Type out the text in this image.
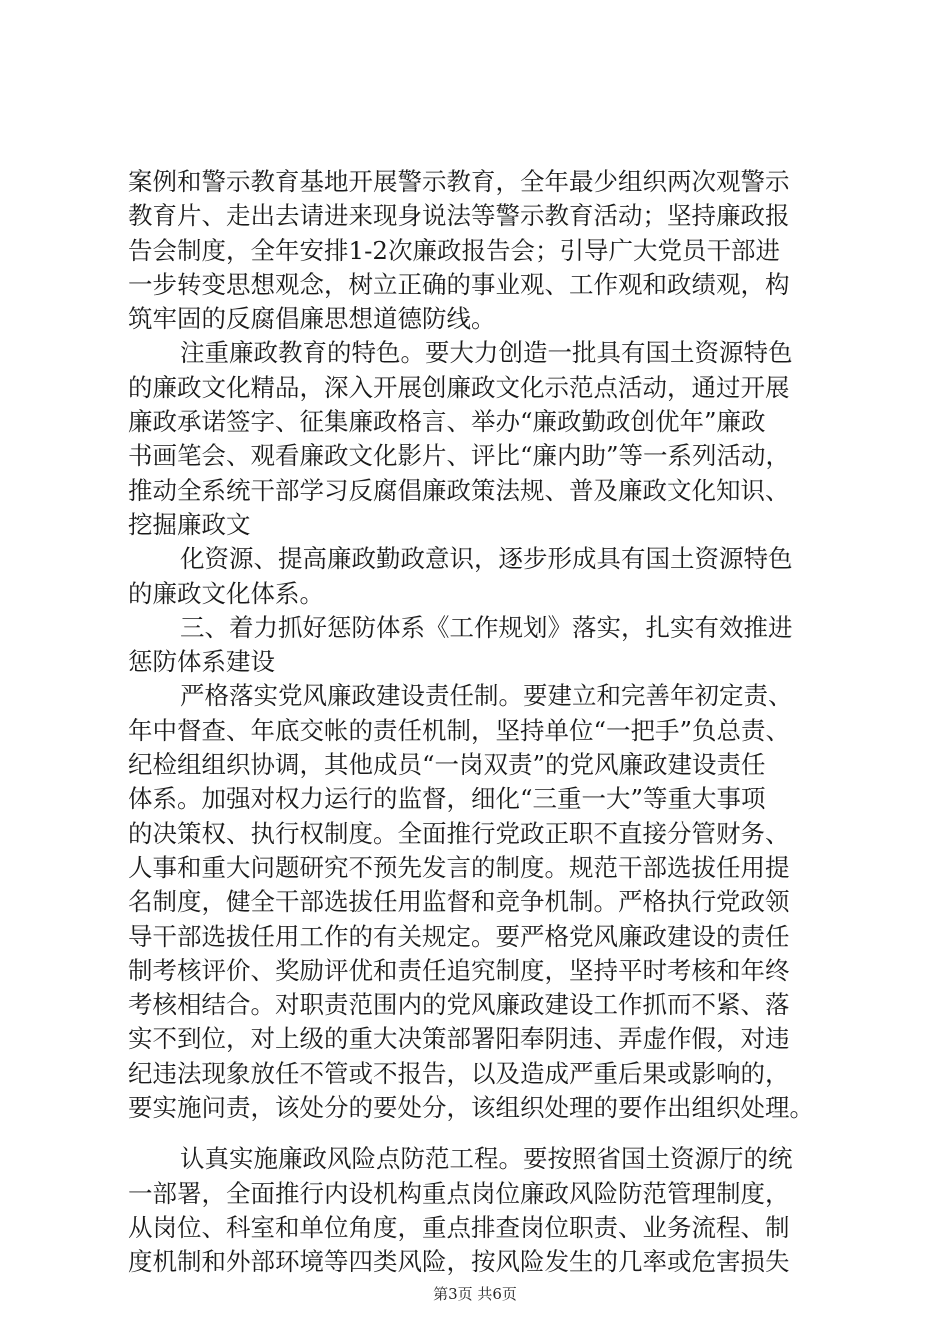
案例和警示教育基地开展警示教育，全年最少组织两次观警示
教育片、走出去请进来现身说法等警示教育活动；坚持廉政报
告会制度，全年安排1-2次廉政报告会；引导广大党员干部进
一步转变思想观念，树立正确的事业观、工作观和政绩观，构
筑牢固的反腐倡廉思想道德防线。
注重廉政教育的特色。要大力创造一批具有国土资源特色
的廉政文化精品，深入开展创廉政文化示范点活动，通过开展
廉政承诺签字、征集廉政格言、举办“廉政勤政创优年”廉政
书画笔会、观看廉政文化影片、评比“廉内助”等一系列活动，
推动全系统干部学习反腐倡廉政策法规、普及廉政文化知识、
挖掘廉政文
化资源、提高廉政勤政意识，逐步形成具有国土资源特色
的廉政文化体系。
三、着力抓好惩防体系《工作规划》落实，扎实有效推进
惩防体系建设
严格落实党风廉政建设责任制。要建立和完善年初定责、
年中督查、年底交帐的责任机制，坚持单位“一把手”负总责、
纪检组组织协调，其他成员“一岗双责”的党风廉政建设责任
体系。加强对权力运行的监督，细化“三重一大”等重大事项
的决策权、执行权制度。全面推行党政正职不直接分管财务、
人事和重大问题研究不预先发言的制度。规范干部选拔任用提
名制度，健全干部选拔任用监督和竞争机制。严格执行党政领
导干部选拔任用工作的有关规定。要严格党风廉政建设的责任
制考核评价、奖励评优和责任追究制度，坚持平时考核和年终
考核相结合。对职责范围内的党风廉政建设工作抓而不紧、落
实不到位，对上级的重大决策部署阳奉阴违、弄虚作假，对违
纪违法现象放任不管或不报告，以及造成严重后果或影响的，
要实施问责，该处分的要处分，该组织处理的要作出组织处理。
认真实施廉政风险点防范工程。要按照省国土资源厅的统
一部署，全面推行内设机构重点岗位廉政风险防范管理制度，
从岗位、科室和单位角度，重点排查岗位职责、业务流程、制
度机制和外部环境等四类风险，按风险发生的几率或危害损失
第3页 共6页
